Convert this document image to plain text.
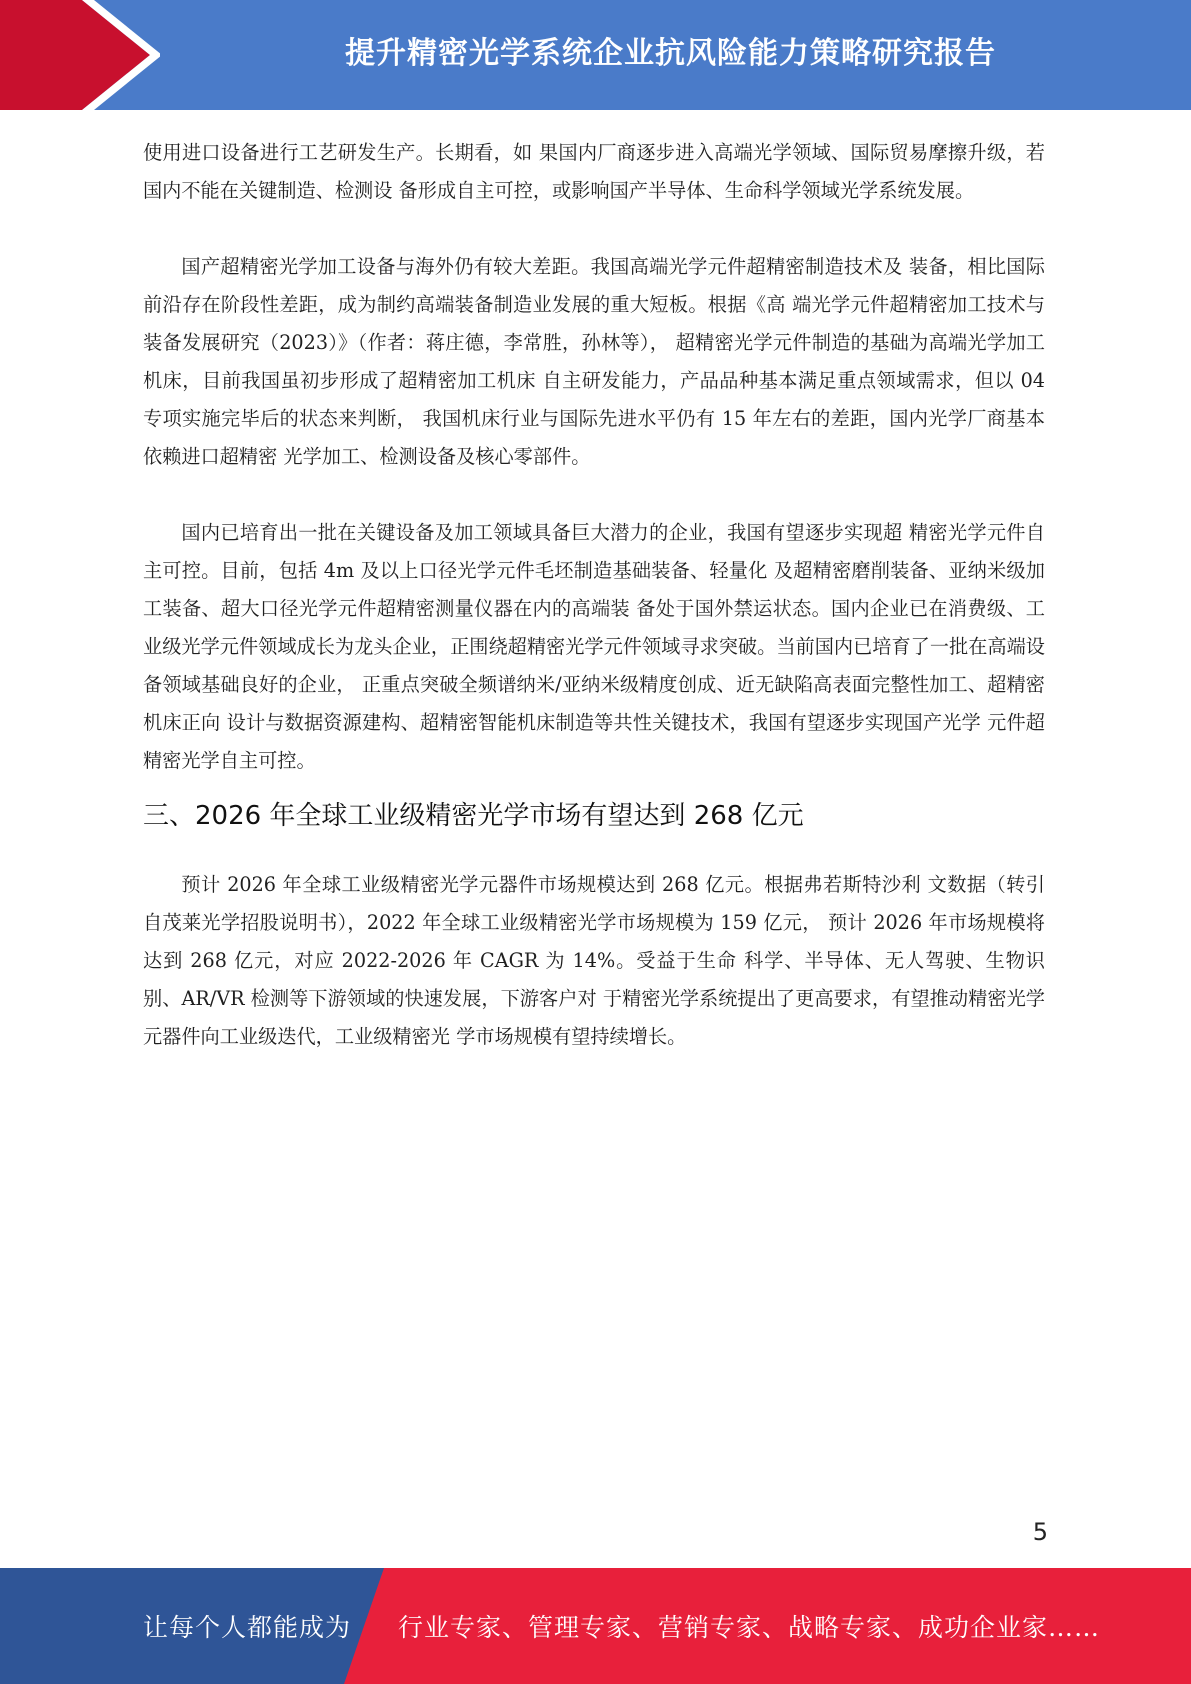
提升精密光学系统企业抗风险能力策略研究报告

使用进口设备进行工艺研发生产。长期看，如 果国内厂商逐步进入高端光学领域、国际贸易摩擦升级，若国内不能在关键制造、检测设 备形成自主可控，或影响国产半导体、生命科学领域光学系统发展。

国产超精密光学加工设备与海外仍有较大差距。我国高端光学元件超精密制造技术及 装备，相比国际前沿存在阶段性差距，成为制约高端装备制造业发展的重大短板。根据《高 端光学元件超精密加工技术与装备发展研究（2023）》（作者：蒋庄德，李常胜，孙林等）， 超精密光学元件制造的基础为高端光学加工机床，目前我国虽初步形成了超精密加工机床 自主研发能力，产品品种基本满足重点领域需求，但以 04 专项实施完毕后的状态来判断， 我国机床行业与国际先进水平仍有 15 年左右的差距，国内光学厂商基本依赖进口超精密 光学加工、检测设备及核心零部件。

国内已培育出一批在关键设备及加工领域具备巨大潜力的企业，我国有望逐步实现超 精密光学元件自主可控。目前，包括 4m 及以上口径光学元件毛坯制造基础装备、轻量化 及超精密磨削装备、亚纳米级加工装备、超大口径光学元件超精密测量仪器在内的高端装 备处于国外禁运状态。国内企业已在消费级、工业级光学元件领域成长为龙头企业，正围绕超精密光学元件领域寻求突破。当前国内已培育了一批在高端设备领域基础良好的企业， 正重点突破全频谱纳米/亚纳米级精度创成、近无缺陷高表面完整性加工、超精密机床正向 设计与数据资源建构、超精密智能机床制造等共性关键技术，我国有望逐步实现国产光学 元件超精密光学自主可控。

三、2026 年全球工业级精密光学市场有望达到 268 亿元

预计 2026 年全球工业级精密光学元器件市场规模达到 268 亿元。根据弗若斯特沙利 文数据（转引自茂莱光学招股说明书），2022 年全球工业级精密光学市场规模为 159 亿元， 预计 2026 年市场规模将达到 268 亿元，对应 2022-2026 年 CAGR 为 14%。受益于生命 科学、半导体、无人驾驶、生物识别、AR/VR 检测等下游领域的快速发展，下游客户对 于精密光学系统提出了更高要求，有望推动精密光学元器件向工业级迭代，工业级精密光 学市场规模有望持续增长。

5
让每个人都能成为 行业专家、管理专家、营销专家、战略专家、成功企业家……
